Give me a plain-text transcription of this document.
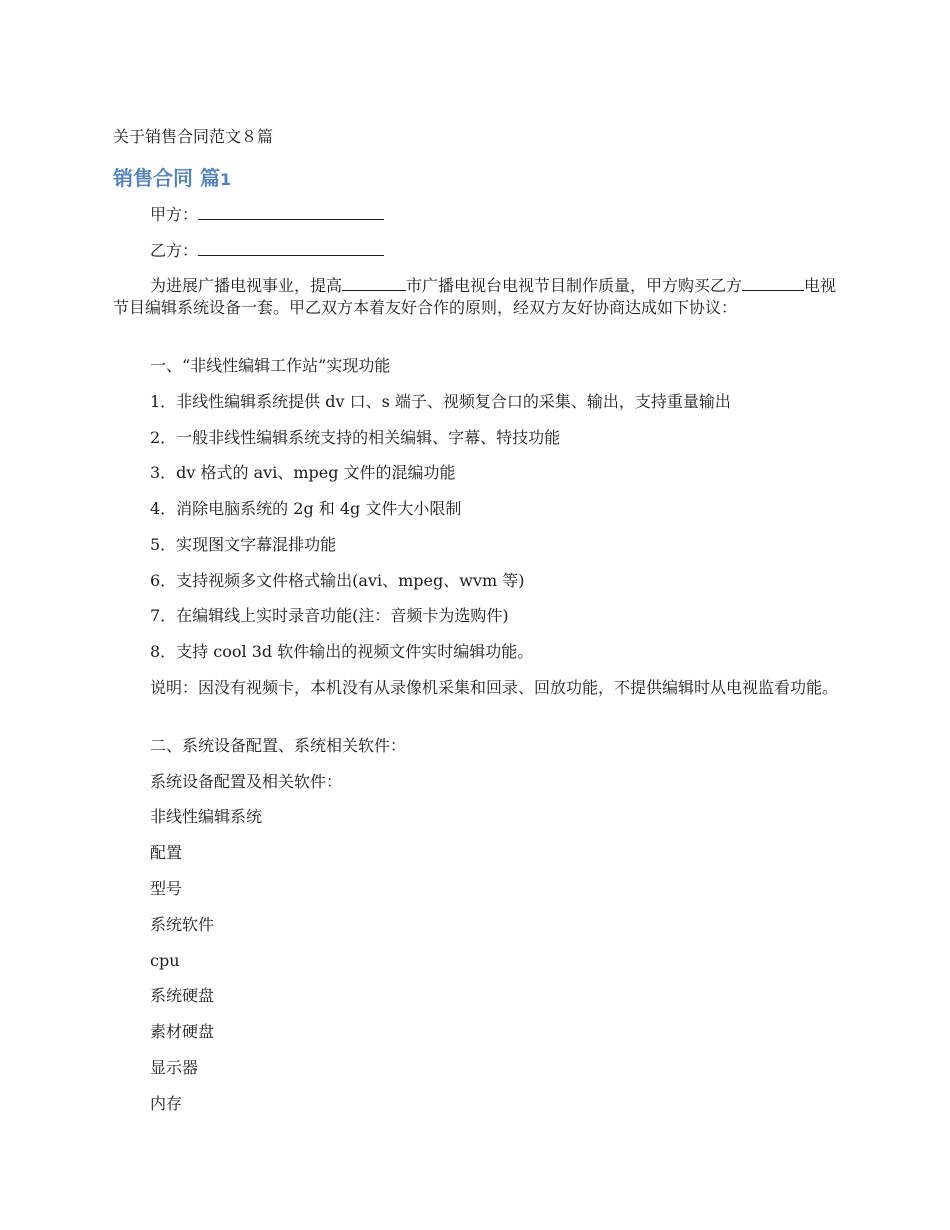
关于销售合同范文８篇
销售合同 篇1
甲方：
乙方：
为进展广播电视事业，提高	市广播电视台电视节目制作质量，甲方购买乙方	电视节目编辑系统设备一套。甲乙双方本着友好合作的原则，经双方友好协商达成如下协议：
一、“非线性编辑工作站”实现功能
1．非线性编辑系统提供 dv 口、s 端子、视频复合口的采集、输出，支持重量输出
2．一般非线性编辑系统支持的相关编辑、字幕、特技功能
3．dv 格式的 avi、mpeg 文件的混编功能
4．消除电脑系统的 2g 和 4g 文件大小限制
5．实现图文字幕混排功能
6．支持视频多文件格式输出(avi、mpeg、wvm 等)
7．在编辑线上实时录音功能(注：音频卡为选购件)
8．支持 cool 3d 软件输出的视频文件实时编辑功能。
说明：因没有视频卡，本机没有从录像机采集和回录、回放功能，不提供编辑时从电视监看功能。
二、系统设备配置、系统相关软件：
系统设备配置及相关软件：
非线性编辑系统
配置
型号
系统软件
cpu
系统硬盘
素材硬盘
显示器
内存
